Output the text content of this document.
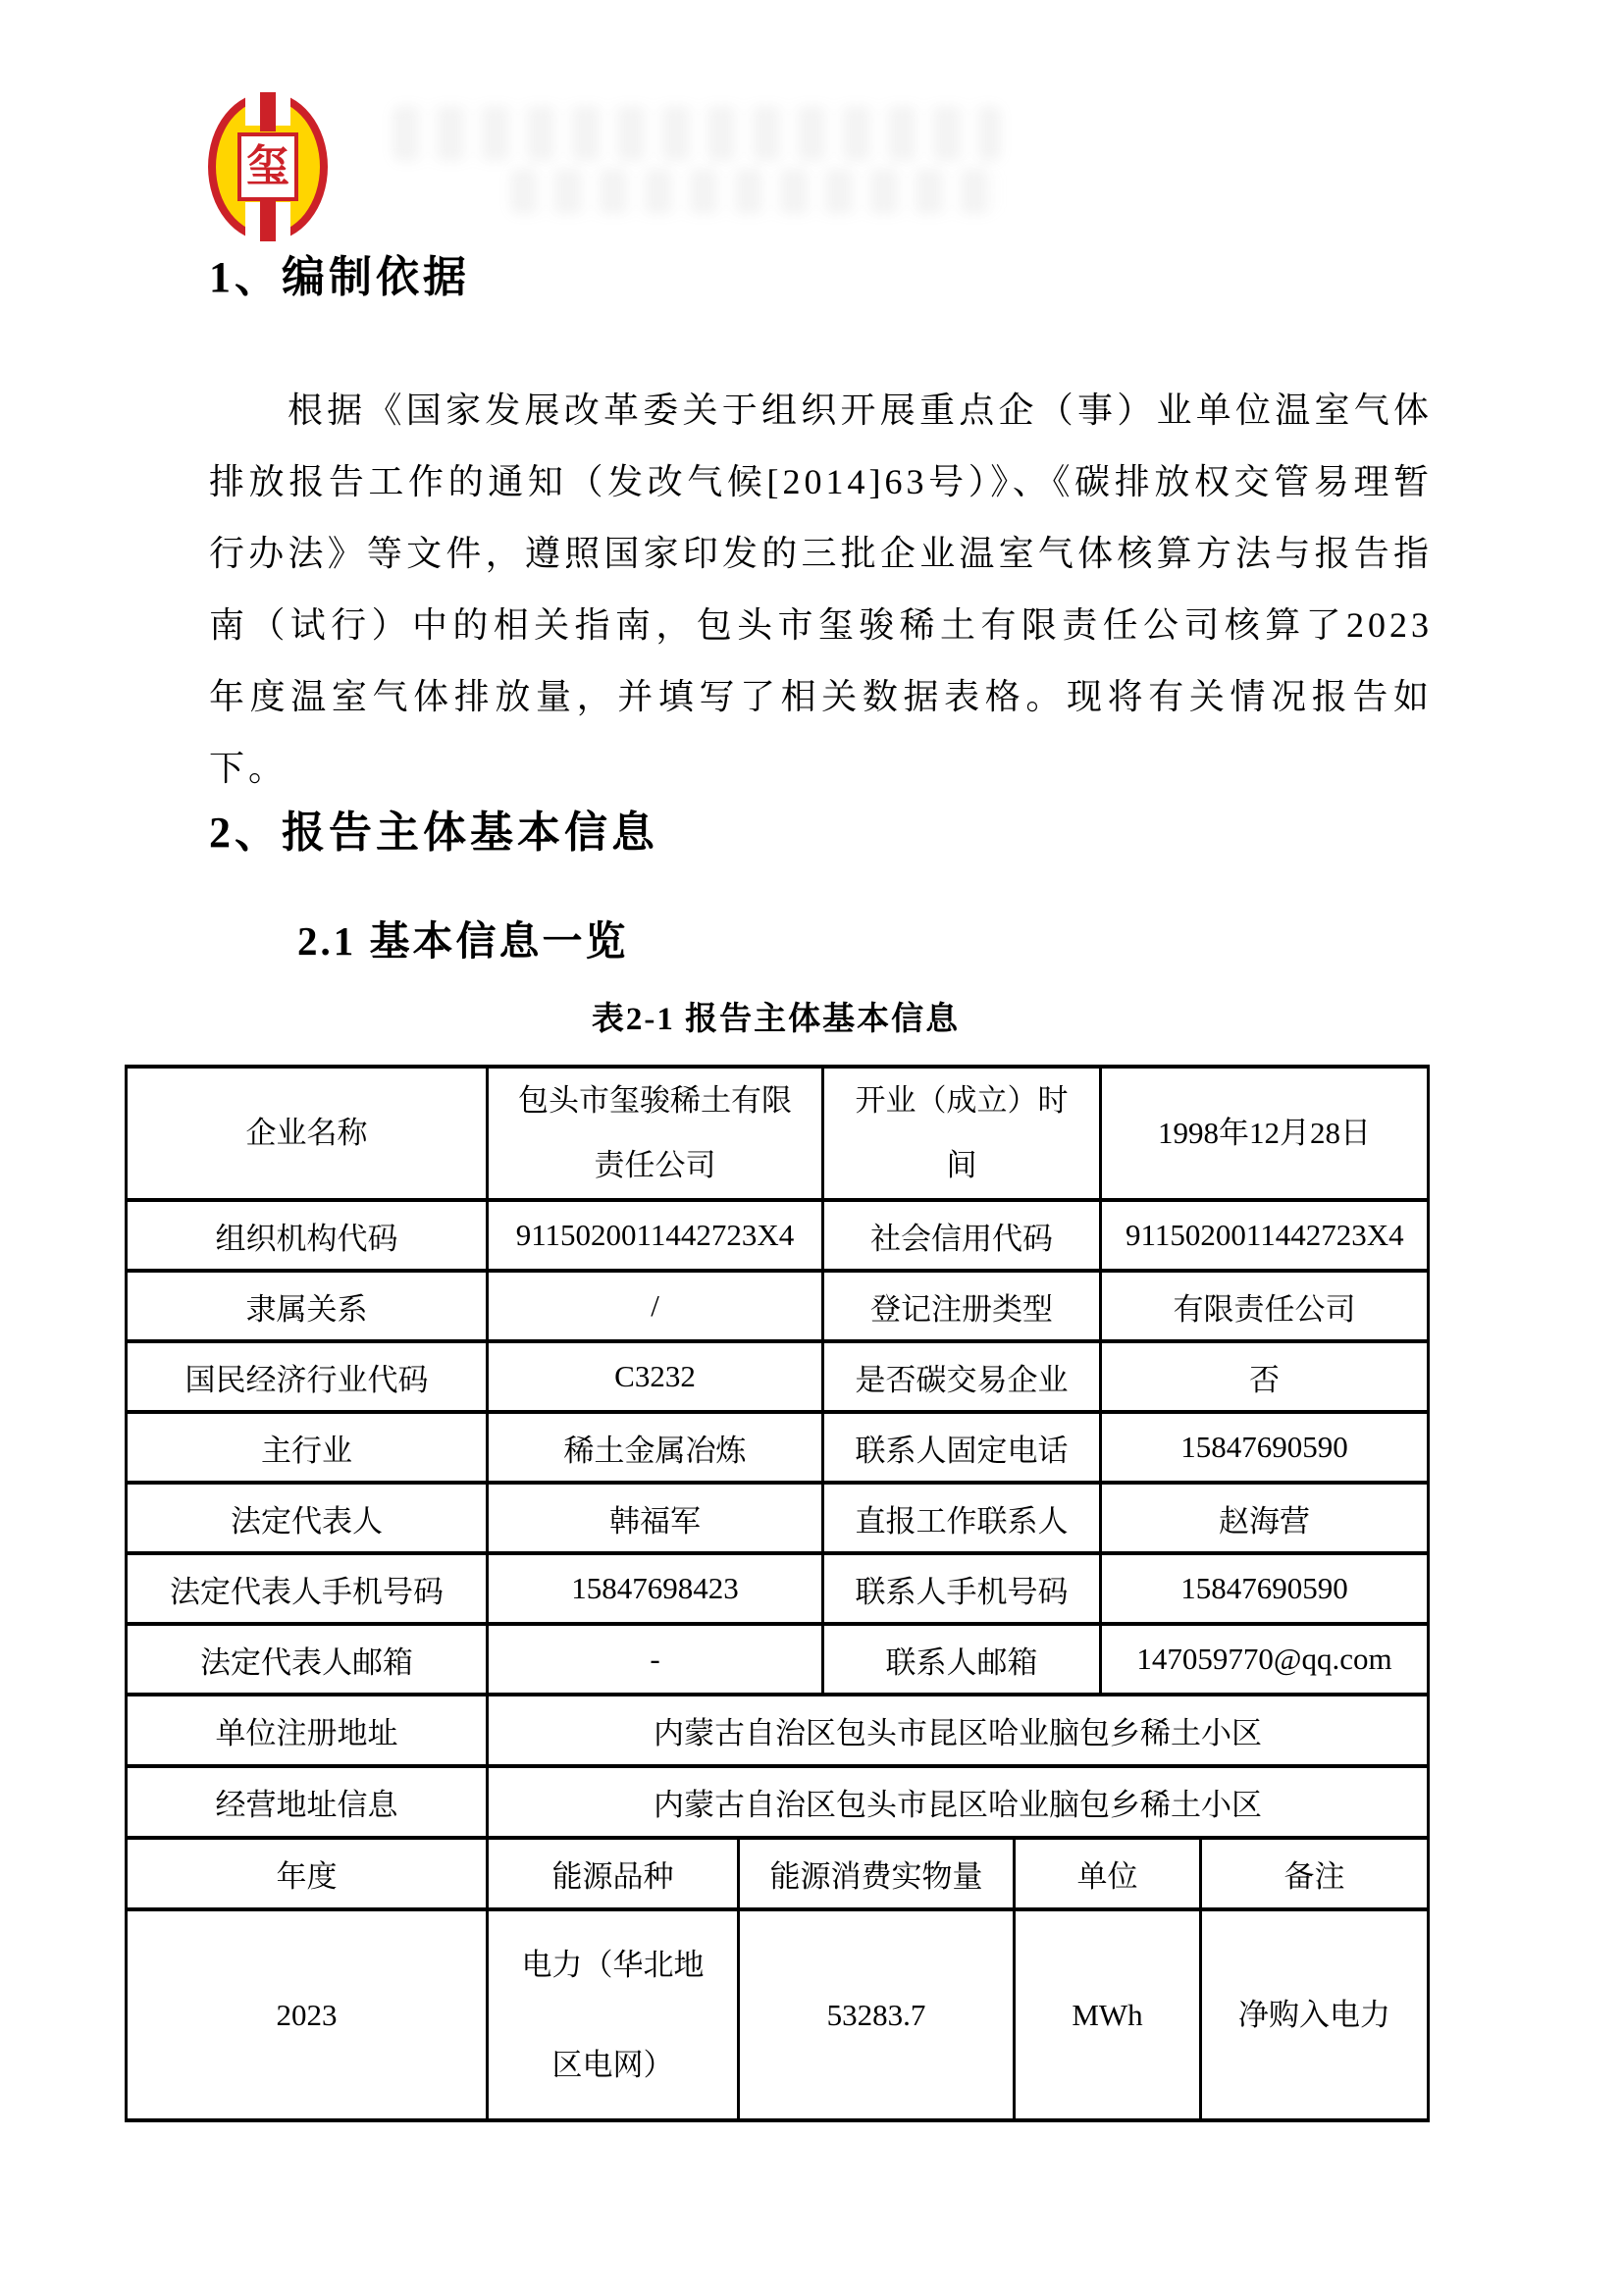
玺
1、编制依据

根据《国家发展改革委关于组织开展重点企（事）业单位温室气体排放报告工作的通知（发改气候[2014]63号）》、《碳排放权交管易理暂行办法》等文件，遵照国家印发的三批企业温室气体核算方法与报告指南（试行）中的相关指南，包头市玺骏稀土有限责任公司核算了2023年度温室气体排放量，并填写了相关数据表格。现将有关情况报告如下。

2、报告主体基本信息
2.1 基本信息一览
表2-1 报告主体基本信息
企业名称	包头市玺骏稀土有限责任公司	开业（成立）时间	1998年12月28日
组织机构代码	9115020011442723X4	社会信用代码	9115020011442723X4
隶属关系	/	登记注册类型	有限责任公司
国民经济行业代码	C3232	是否碳交易企业	否
主行业	稀土金属冶炼	联系人固定电话	15847690590
法定代表人	韩福军	直报工作联系人	赵海营
法定代表人手机号码	15847698423	联系人手机号码	15847690590
法定代表人邮箱	-	联系人邮箱	147059770@qq.com
单位注册地址	内蒙古自治区包头市昆区哈业脑包乡稀土小区		
经营地址信息	内蒙古自治区包头市昆区哈业脑包乡稀土小区		
年度	能源品种	能源消费实物量	单位	备注
2023	电力（华北地区电网）	53283.7	MWh	净购入电力
